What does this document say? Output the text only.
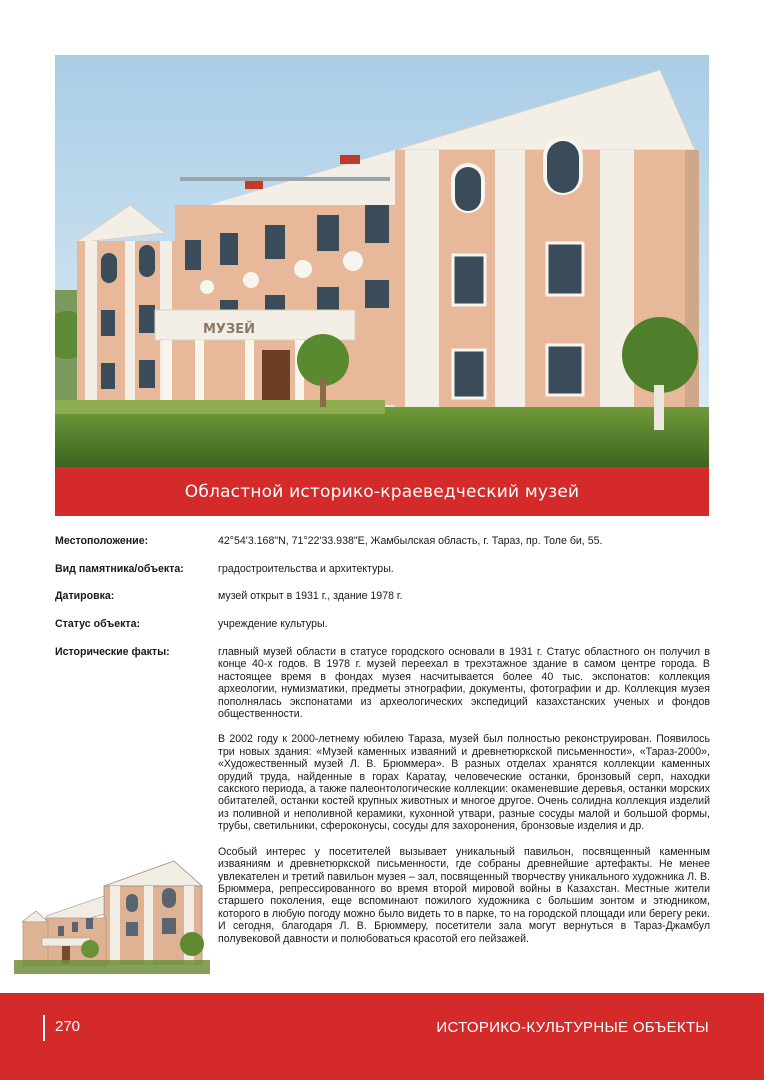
МУЗЕЙ
Областной историко-краеведческий музей
Местоположение:	42°54'3.168"N, 71°22'33.938"E, Жамбылская область, г. Тараз, пр. Толе би, 55.
Вид памятника/объекта:	градостроительства и архитектуры.
Датировка:	музей открыт в 1931 г., здание 1978 г.
Статус объекта:	учреждение культуры.
Исторические факты:	главный музей области в статусе городского основали в 1931 г. Статус областного он получил в конце 40-х годов. В 1978 г. музей переехал в трехэтажное здание в самом центре города. В настоящее время в фондах музея насчитывается более 40 тыс. экспонатов: коллекция археологии, нумизматики, предметы этнографии, документы, фотографии и др. Коллекция музея пополнялась экспонатами из археологических экспедиций казахстанских ученых и фондов общественности.

В 2002 году к 2000-летнему юбилею Тараза, музей был полностью реконструирован. Появилось три новых здания: «Музей каменных изваяний и древнетюркской письменности», «Тараз-2000», «Художественный музей Л. В. Брюммера». В разных отделах хранятся коллекции каменных орудий труда, найденные в горах Каратау, человеческие останки, бронзовый серп, находки сакского периода, а также палеонтологические коллекции: окаменевшие деревья, останки морских обитателей, останки костей крупных животных и многое другое. Очень солидна коллекция изделий из поливной и неполивной керамики, кухонной утвари, разные сосуды малой и большой формы, трубы, светильники, сфероконусы, сосуды для захоронения, бронзовые изделия и др.

Особый интерес у посетителей вызывает уникальный павильон, посвященный каменным изваяниям и древнетюркской письменности, где собраны древнейшие артефакты. Не менее увлекателен и третий павильон музея – зал, посвященный творчеству уникального художника Л. В. Брюммера, репрессированного во время второй мировой войны в Казахстан. Местные жители старшего поколения, еще вспоминают пожилого художника с большим зонтом и этюдником, которого в любую погоду можно было видеть то в парке, то на городской площади или берегу реки. И сегодня, благодаря Л. В. Брюммеру, посетители зала могут вернуться в Тараз-Джамбул полувековой давности и полюбоваться красотой его пейзажей.

270	ИСТОРИКО-КУЛЬТУРНЫЕ ОБЪЕКТЫ
